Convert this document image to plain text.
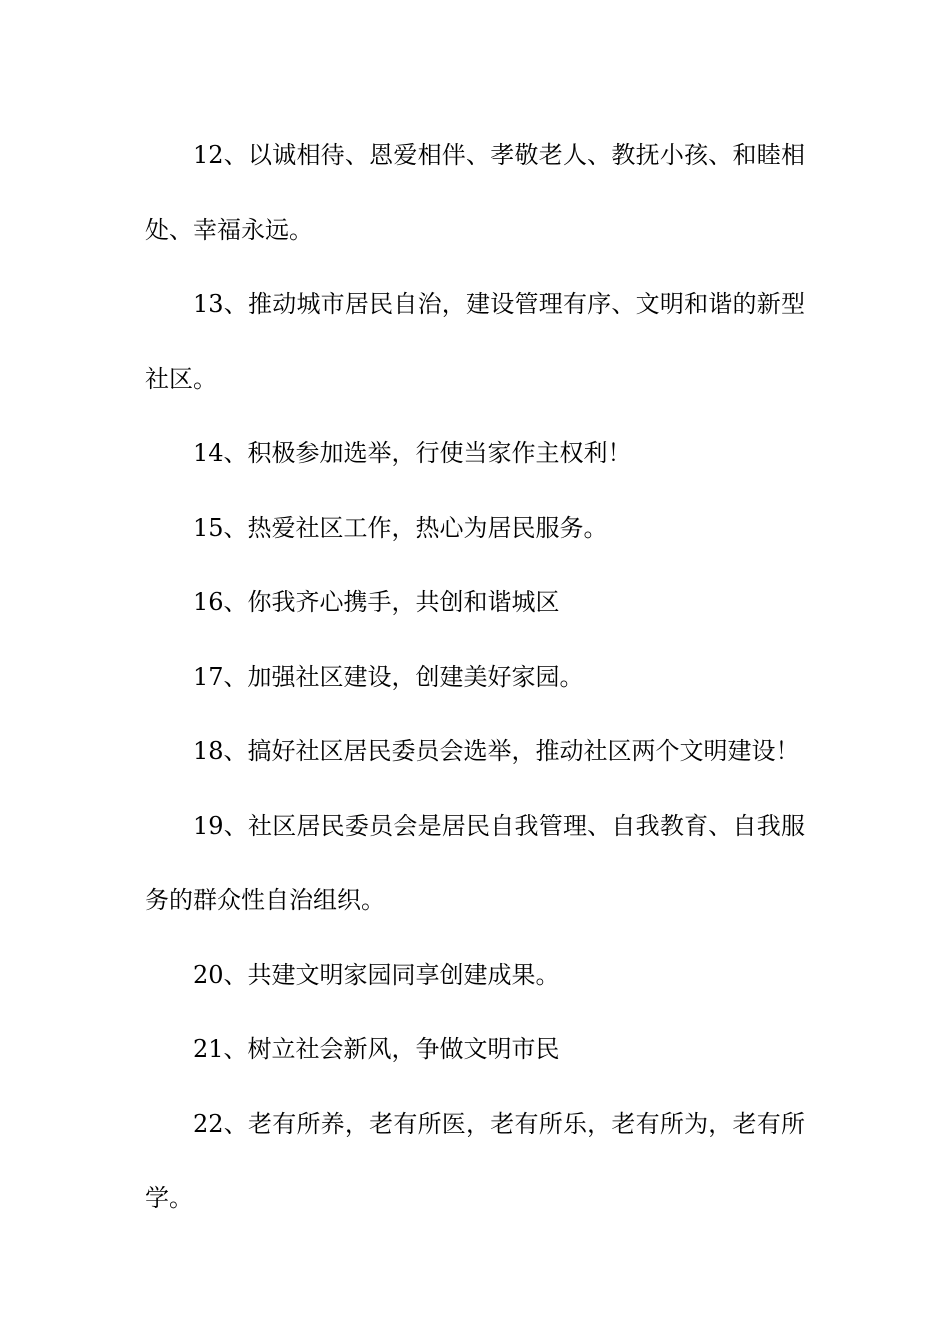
12、以诚相待、恩爱相伴、孝敬老人、教抚小孩、和睦相处、幸福永远。

13、推动城市居民自治，建设管理有序、文明和谐的新型社区。

14、积极参加选举，行使当家作主权利！

15、热爱社区工作，热心为居民服务。

16、你我齐心携手，共创和谐城区

17、加强社区建设，创建美好家园。

18、搞好社区居民委员会选举，推动社区两个文明建设！

19、社区居民委员会是居民自我管理、自我教育、自我服务的群众性自治组织。

20、共建文明家园同享创建成果。

21、树立社会新风，争做文明市民

22、老有所养，老有所医，老有所乐，老有所为，老有所学。
